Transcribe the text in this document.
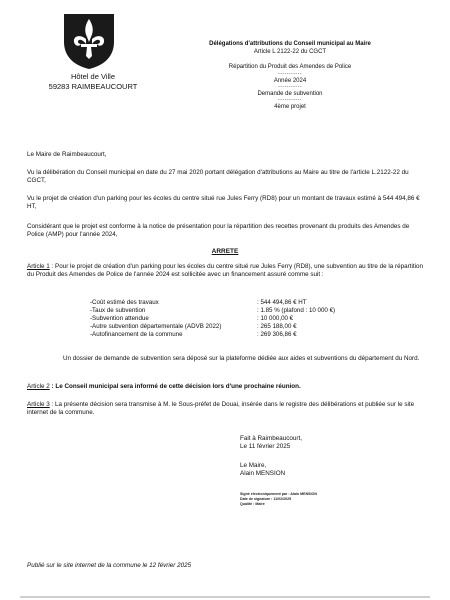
Hôtel de Ville
59283 RAIMBEAUCOURT
Délégations d'attributions du Conseil municipal au Maire
Article L 2122-22 du CGCT
Répartition du Produit des Amendes de Police
-----------
Année 2024
-----------
Demande de subvention
-----------
4ème projet
Le Maire de Raimbeaucourt,
Vu la délibération du Conseil municipal en date du 27 mai 2020 portant délégation d'attributions au Maire au titre de l'article L.2122-22 du CGCT,
Vu le projet de création d'un parking pour les écoles du centre situé rue Jules Ferry (RD8) pour un montant de travaux estimé à 544 494,86 € HT,
Considérant que le projet est conforme à la notice de présentation pour la répartition des recettes provenant du produits des Amendes de Police (AMP) pour l'année 2024,
ARRETE
Article 1 : Pour le projet de création d'un parking pour les écoles du centre situé rue Jules Ferry (RD8), une subvention au titre de la répartition du Produit des Amendes de Police de l'année 2024 est sollicitée avec un financement assuré comme suit :
-Coût estimé des travaux	: 544 494,86 € HT
-Taux de subvention	: 1.85 % (plafond : 10 000 €)
-Subvention attendue	: 10 000,00 €
-Autre subvention départementale (ADVB 2022)	: 265 188,00 €
-Autofinancement de la commune	: 269 306,86 €
Un dossier de demande de subvention sera déposé sur la plateforme dédiée aux aides et subventions du département du Nord.
Article 2 : Le Conseil municipal sera informé de cette décision lors d'une prochaine réunion.
Article 3 : La présente décision sera transmise à M. le Sous-préfet de Douai, insérée dans le registre des délibérations et publiée sur le site internet de la commune.
Fait à Raimbeaucourt,
Le 11 février 2025
Le Maire,
Alain MENSION
Signé électroniquement par : Alain MENSION
Date de signature : 11/02/2025
Qualité : Maire
Publié sur le site internet de la commune le 12 février 2025
